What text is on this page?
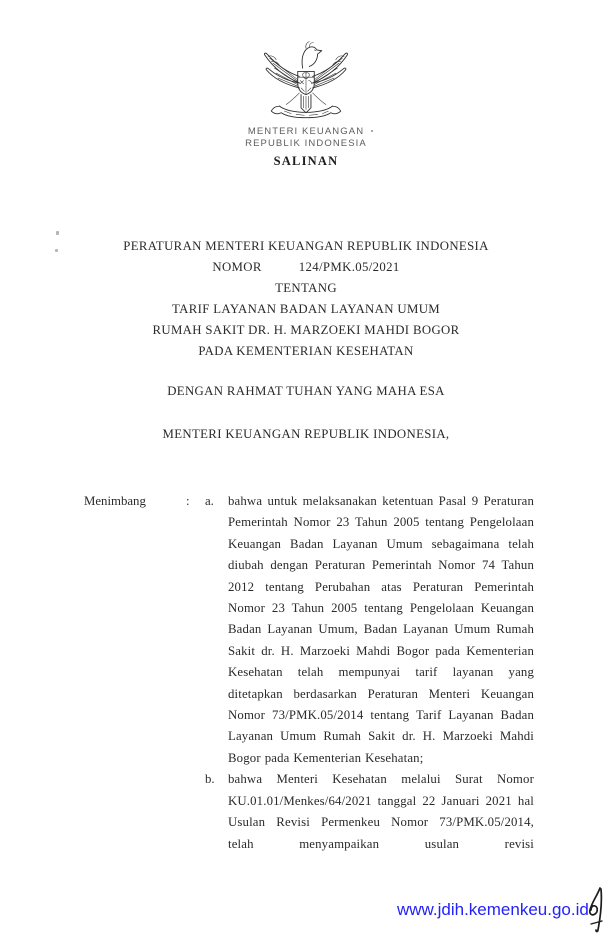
MENTERI KEUANGAN
REPUBLIK INDONESIA
SALINAN
PERATURAN MENTERI KEUANGAN REPUBLIK INDONESIA
NOMOR	124/PMK.05/2021
TENTANG
TARIF LAYANAN BADAN LAYANAN UMUM
RUMAH SAKIT DR. H. MARZOEKI MAHDI BOGOR
PADA KEMENTERIAN KESEHATAN
DENGAN RAHMAT TUHAN YANG MAHA ESA
MENTERI KEUANGAN REPUBLIK INDONESIA,
Menimbang	:	a.	bahwa untuk melaksanakan ketentuan Pasal 9 Peraturan Pemerintah Nomor 23 Tahun 2005 tentang Pengelolaan Keuangan Badan Layanan Umum sebagaimana telah diubah dengan Peraturan Pemerintah Nomor 74 Tahun 2012 tentang Perubahan atas Peraturan Pemerintah Nomor 23 Tahun 2005 tentang Pengelolaan Keuangan Badan Layanan Umum, Badan Layanan Umum Rumah Sakit dr. H. Marzoeki Mahdi Bogor pada Kementerian Kesehatan telah mempunyai tarif layanan yang ditetapkan berdasarkan Peraturan Menteri Keuangan Nomor 73/PMK.05/2014 tentang Tarif Layanan Badan Layanan Umum Rumah Sakit dr. H. Marzoeki Mahdi Bogor pada Kementerian Kesehatan;
b.	bahwa Menteri Kesehatan melalui Surat Nomor KU.01.01/Menkes/64/2021 tanggal 22 Januari 2021 hal Usulan Revisi Permenkeu Nomor 73/PMK.05/2014, telah menyampaikan usulan revisi
www.jdih.kemenkeu.go.id
